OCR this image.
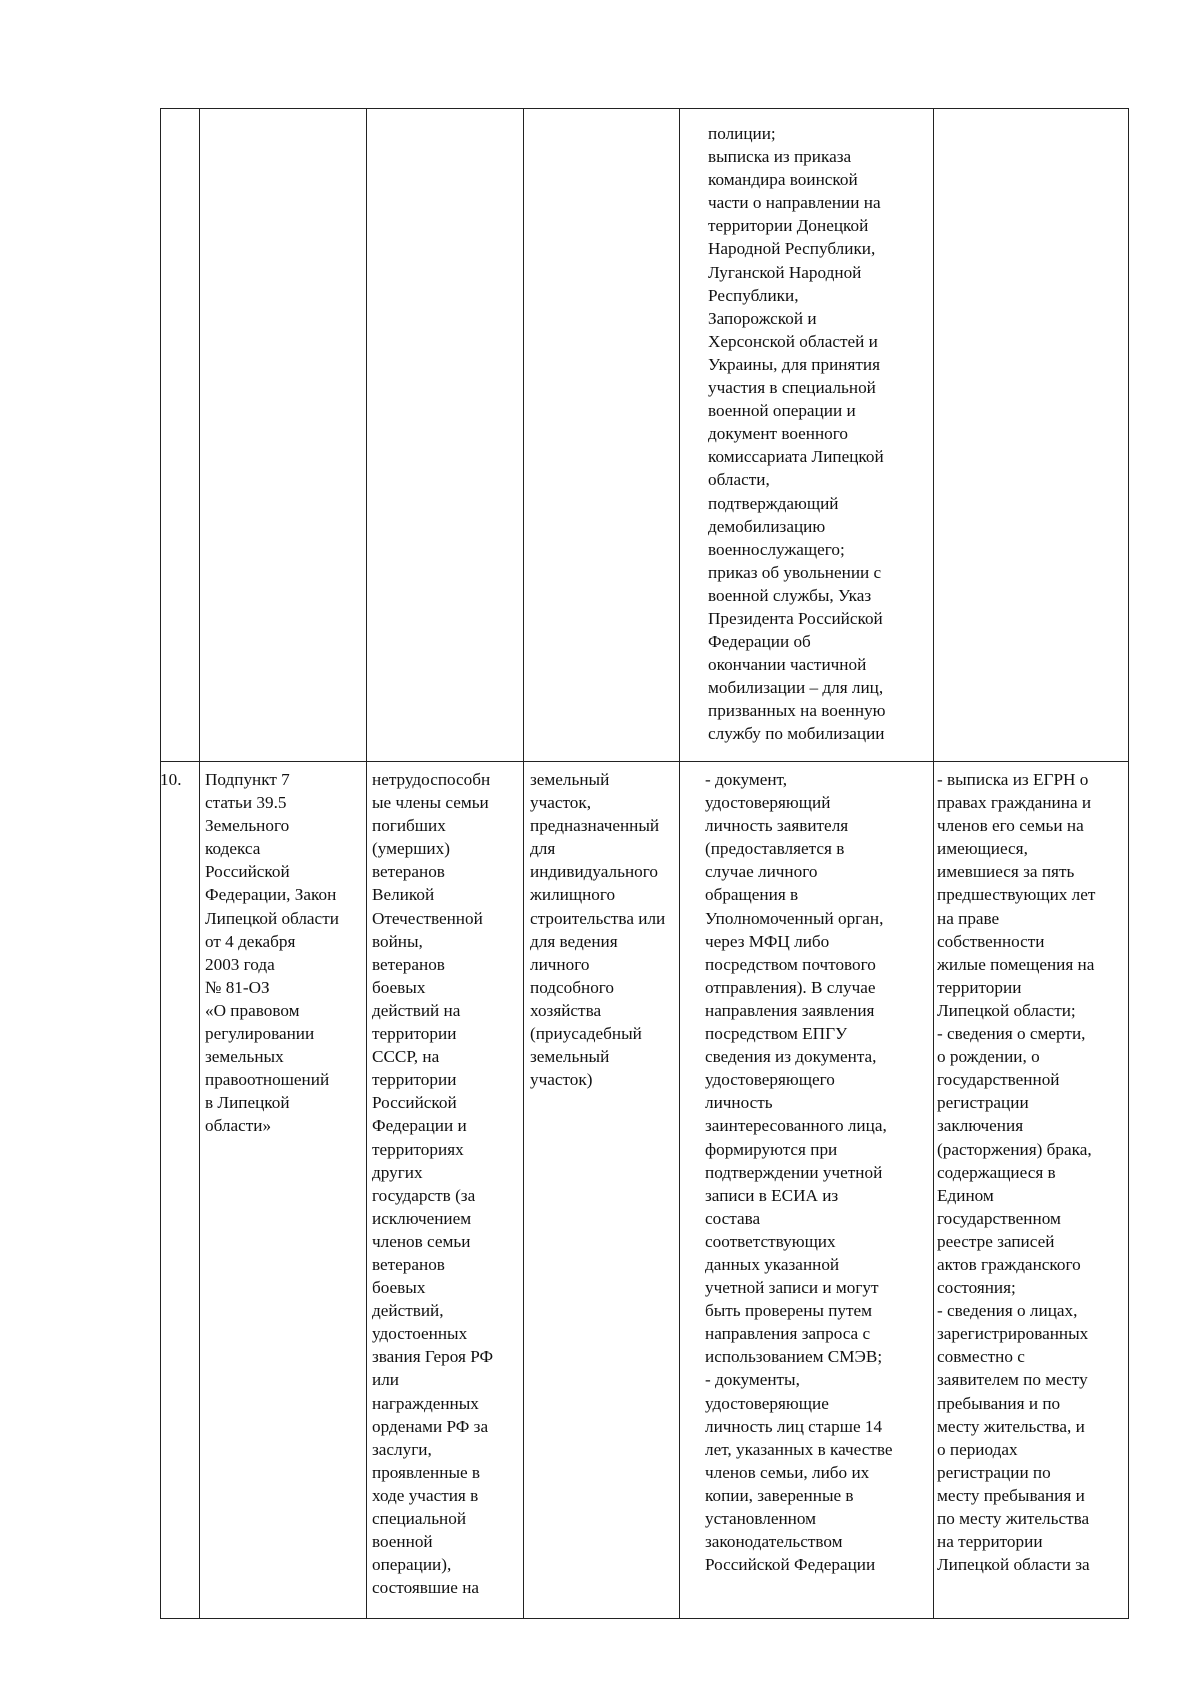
полиции;
выписка из приказа
командира воинской
части о направлении на
территории Донецкой
Народной Республики,
Луганской Народной
Республики,
Запорожской и
Херсонской областей и
Украины, для принятия
участия в специальной
военной операции и
документ военного
комиссариата Липецкой
области,
подтверждающий
демобилизацию
военнослужащего;
приказ об увольнении с
военной службы, Указ
Президента Российской
Федерации об
окончании частичной
мобилизации – для лиц,
призванных на военную
службу по мобилизации

10.	Подпункт 7
статьи 39.5
Земельного
кодекса
Российской
Федерации, Закон
Липецкой области
от 4 декабря
2003 года
№ 81-ОЗ
«О правовом
регулировании
земельных
правоотношений
в Липецкой
области»

нетрудоспособн
ые члены семьи
погибших
(умерших)
ветеранов
Великой
Отечественной
войны,
ветеранов
боевых
действий на
территории
СССР, на
территории
Российской
Федерации и
территориях
других
государств (за
исключением
членов семьи
ветеранов
боевых
действий,
удостоенных
звания Героя РФ
или
награжденных
орденами РФ за
заслуги,
проявленные в
ходе участия в
специальной
военной
операции),
состоявшие на

земельный
участок,
предназначенный
для
индивидуального
жилищного
строительства или
для ведения
личного
подсобного
хозяйства
(приусадебный
земельный
участок)

- документ,
удостоверяющий
личность заявителя
(предоставляется в
случае личного
обращения в
Уполномоченный орган,
через МФЦ либо
посредством почтового
отправления). В случае
направления заявления
посредством ЕПГУ
сведения из документа,
удостоверяющего
личность
заинтересованного лица,
формируются при
подтверждении учетной
записи в ЕСИА из
состава
соответствующих
данных указанной
учетной записи и могут
быть проверены путем
направления запроса с
использованием СМЭВ;
- документы,
удостоверяющие
личность лиц старше 14
лет, указанных в качестве
членов семьи, либо их
копии, заверенные в
установленном
законодательством
Российской Федерации

- выписка из ЕГРН о
правах гражданина и
членов его семьи на
имеющиеся,
имевшиеся за пять
предшествующих лет
на праве
собственности
жилые помещения на
территории
Липецкой области;
- сведения о смерти,
о рождении, о
государственной
регистрации
заключения
(расторжения) брака,
содержащиеся в
Едином
государственном
реестре записей
актов гражданского
состояния;
- сведения о лицах,
зарегистрированных
совместно с
заявителем по месту
пребывания и по
месту жительства, и
о периодах
регистрации по
месту пребывания и
по месту жительства
на территории
Липецкой области за
